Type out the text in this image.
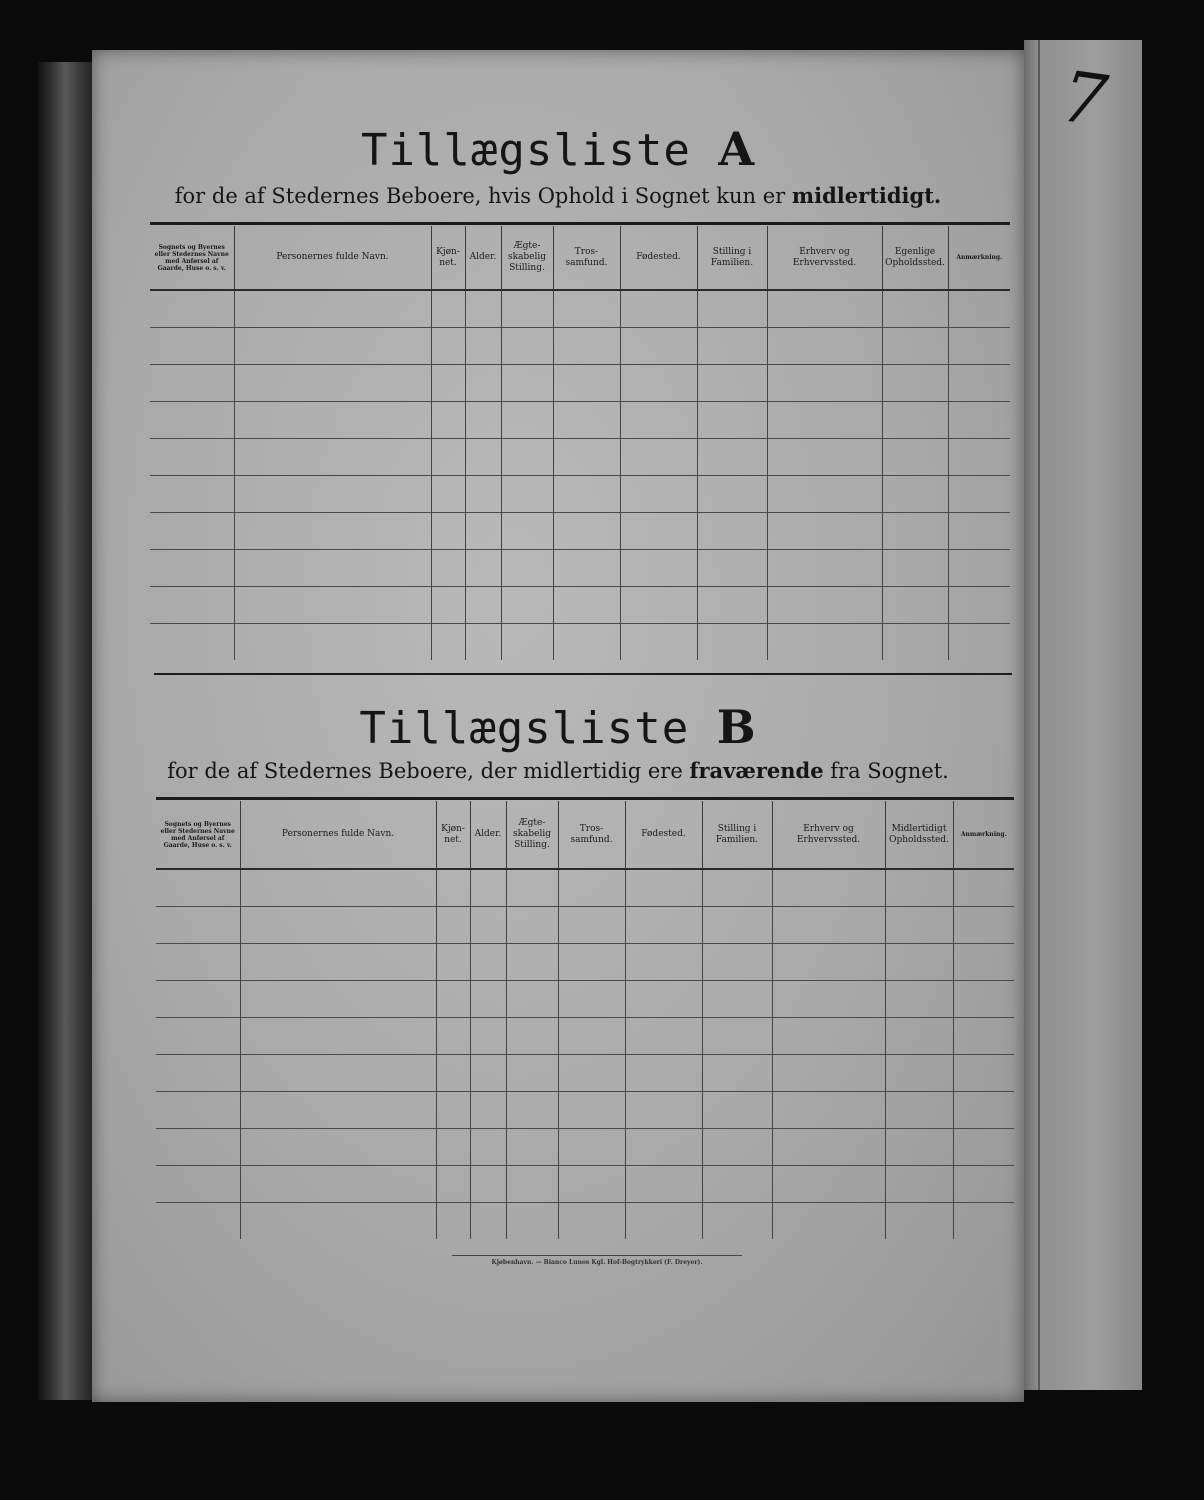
7
Tillægsliste A
for de af Stedernes Beboere, hvis Ophold i Sognet kun er midlertidigt.
Sognets og Byernes eller Stedernes Navne med Anførsel af Gaarde, Huse o. s. v.	Personernes fulde Navn.	Kjøn-net.	Alder.	Ægte-skabelig Stilling.	Tros-samfund.	Fødested.	Stilling i Familien.	Erhverv og Erhvervssted.	Egenlige Opholdssted.	Anmærkning.

Tillægsliste B
for de af Stedernes Beboere, der midlertidig ere fraværende fra Sognet.
Sognets og Byernes eller Stedernes Navne med Anførsel af Gaarde, Huse o. s. v.	Personernes fulde Navn.	Kjøn-net.	Alder.	Ægte-skabelig Stilling.	Tros-samfund.	Fødested.	Stilling i Familien.	Erhverv og Erhvervssted.	Midlertidigt Opholdssted.	Anmærkning.

Kjøbenhavn. — Bianco Lunos Kgl. Hof-Bogtrykkeri (F. Dreyer).
